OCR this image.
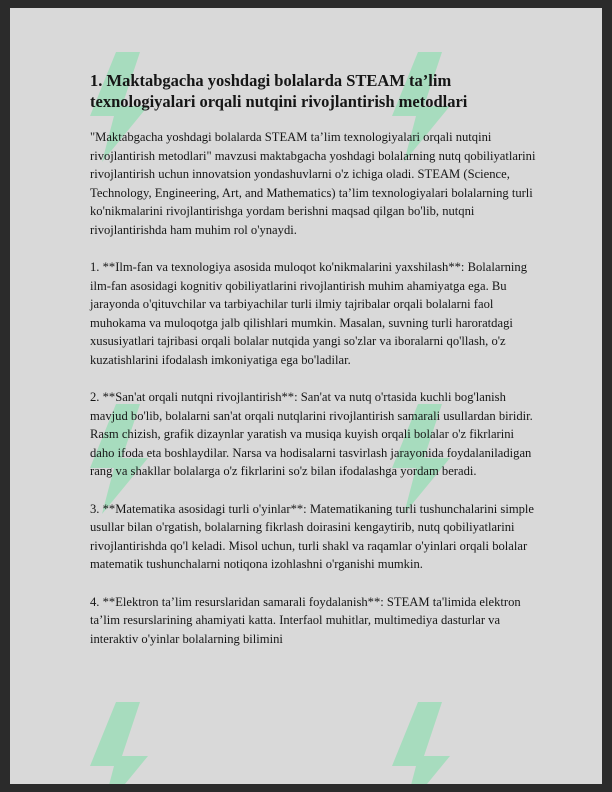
1. Maktabgacha yoshdagi bolalarda STEAM ta’lim texnologiyalari orqali nutqini rivojlantirish metodlari

"Maktabgacha yoshdagi bolalarda STEAM ta’lim texnologiyalari orqali nutqini rivojlantirish metodlari" mavzusi maktabgacha yoshdagi bolalarning nutq qobiliyatlarini rivojlantirish uchun innovatsion yondashuvlarni o'z ichiga oladi. STEAM (Science, Technology, Engineering, Art, and Mathematics) ta’lim texnologiyalari bolalarning turli ko'nikmalarini rivojlantirishga yordam berishni maqsad qilgan bo'lib, nutqni rivojlantirishda ham muhim rol o'ynaydi.

1. **Ilm-fan va texnologiya asosida muloqot ko'nikmalarini yaxshilash**: Bolalarning ilm-fan asosidagi kognitiv qobiliyatlarini rivojlantirish muhim ahamiyatga ega. Bu jarayonda o'qituvchilar va tarbiyachilar turli ilmiy tajribalar orqali bolalarni faol muhokama va muloqotga jalb qilishlari mumkin. Masalan, suvning turli haroratdagi xususiyatlari tajribasi orqali bolalar nutqida yangi so'zlar va iboralarni qo'llash, o'z kuzatishlarini ifodalash imkoniyatiga ega bo'ladilar.

2. **San'at orqali nutqni rivojlantirish**: San'at va nutq o'rtasida kuchli bog'lanish mavjud bo'lib, bolalarni san'at orqali nutqlarini rivojlantirish samarali usullardan biridir. Rasm chizish, grafik dizaynlar yaratish va musiqa kuyish orqali bolalar o'z fikrlarini daho ifoda eta boshlaydilar. Narsa va hodisalarni tasvirlash jarayonida foydalaniladigan rang va shakllar bolalarga o'z fikrlarini so'z bilan ifodalashga yordam beradi.

3. **Matematika asosidagi turli o'yinlar**: Matematikaning turli tushunchalarini simple usullar bilan o'rgatish, bolalarning fikrlash doirasini kengaytirib, nutq qobiliyatlarini rivojlantirishda qo'l keladi. Misol uchun, turli shakl va raqamlar o'yinlari orqali bolalar matematik tushunchalarni notiqona izohlashni o'rganishi mumkin.

4. **Elektron ta’lim resurslaridan samarali foydalanish**: STEAM ta'limida elektron ta’lim resurslarining ahamiyati katta. Interfaol muhitlar, multimediya dasturlar va interaktiv o'yinlar bolalarning bilimini
